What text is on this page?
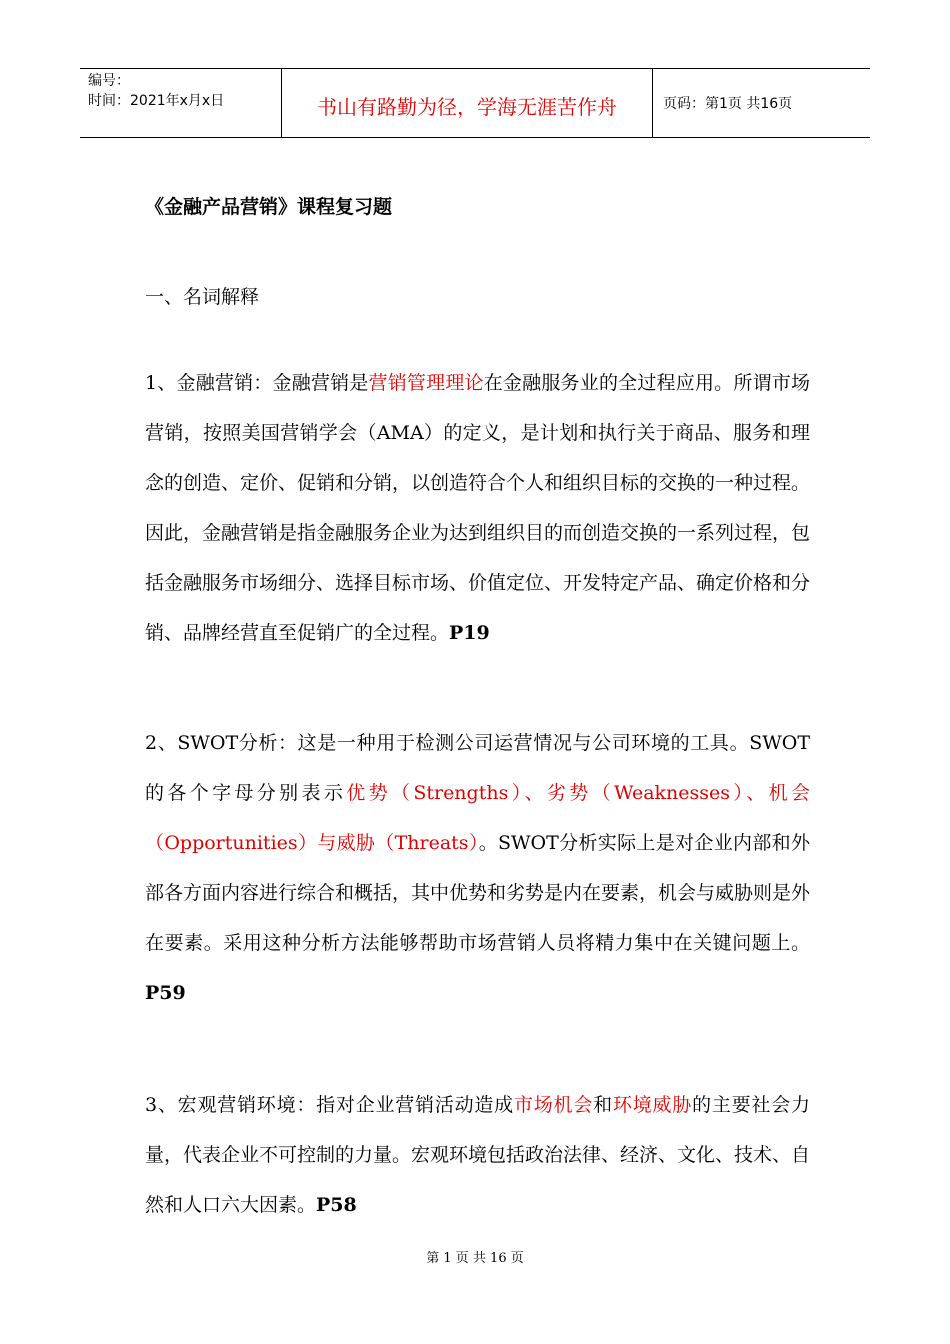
编号：
时间：2021年x月x日	书山有路勤为径，学海无涯苦作舟	页码：第1页 共16页
《金融产品营销》课程复习题
一、名词解释
1、金融营销：金融营销是营销管理理论在金融服务业的全过程应用。所谓市场营销，按照美国营销学会（AMA）的定义，是计划和执行关于商品、服务和理念的创造、定价、促销和分销，以创造符合个人和组织目标的交换的一种过程。因此，金融营销是指金融服务企业为达到组织目的而创造交换的一系列过程，包括金融服务市场细分、选择目标市场、价值定位、开发特定产品、确定价格和分销、品牌经营直至促销广的全过程。P19
2、SWOT分析：这是一种用于检测公司运营情况与公司环境的工具。SWOT的各个字母分别表示优势（Strengths）、劣势（Weaknesses）、机会（Opportunities）与威胁（Threats）。SWOT分析实际上是对企业内部和外部各方面内容进行综合和概括，其中优势和劣势是内在要素，机会与威胁则是外在要素。采用这种分析方法能够帮助市场营销人员将精力集中在关键问题上。P59
3、宏观营销环境：指对企业营销活动造成市场机会和环境威胁的主要社会力量，代表企业不可控制的力量。宏观环境包括政治法律、经济、文化、技术、自然和人口六大因素。P58
第 1 页 共 16 页
